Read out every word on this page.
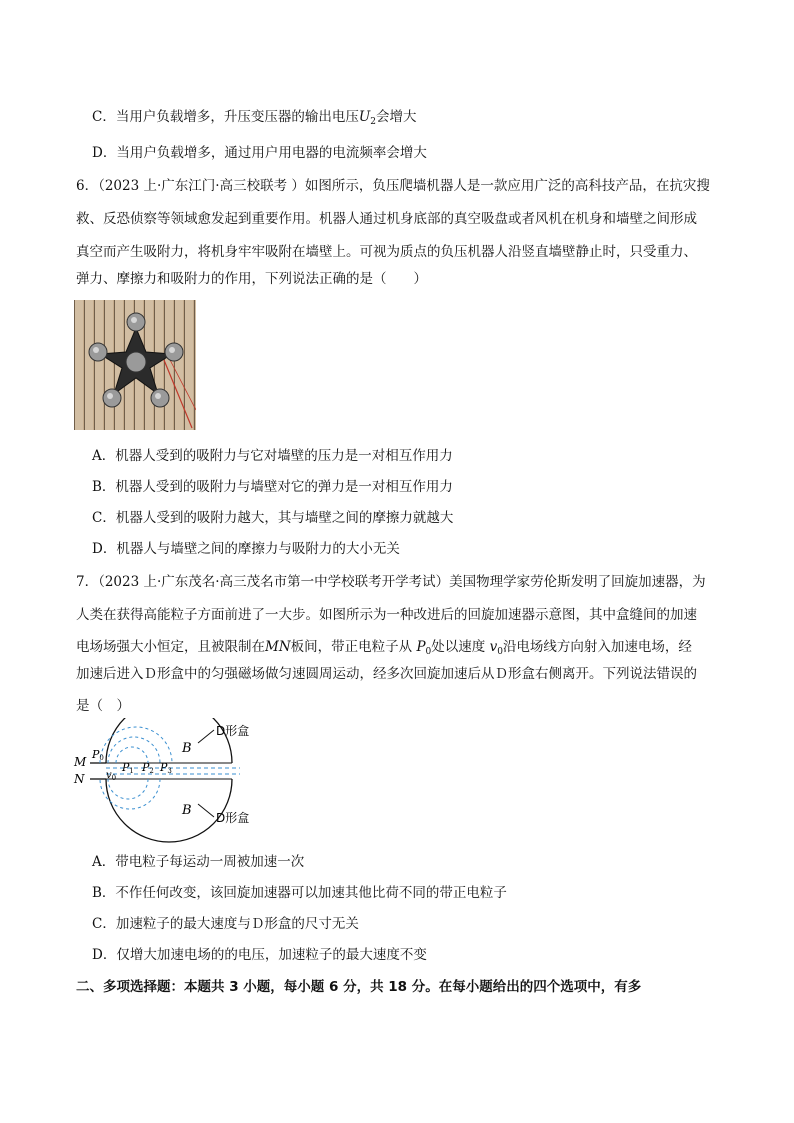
C．当用户负载增多，升压变压器的输出电压$U_2$会增大
D．当用户负载增多，通过用户用电器的电流频率会增大
6．（2023 上·广东江门·高三校联考 ）如图所示，负压爬墙机器人是一款应用广泛的高科技产品，在抗灾搜
救、反恐侦察等领域愈发起到重要作用。机器人通过机身底部的真空吸盘或者风机在机身和墙壁之间形成
真空而产生吸附力，将机身牢牢吸附在墙壁上。可视为质点的负压机器人沿竖直墙壁静止时，只受重力、
弹力、摩擦力和吸附力的作用，下列说法正确的是（　　）
A．机器人受到的吸附力与它对墙壁的压力是一对相互作用力
B．机器人受到的吸附力与墙壁对它的弹力是一对相互作用力
C．机器人受到的吸附力越大，其与墙壁之间的摩擦力就越大
D．机器人与墙壁之间的摩擦力与吸附力的大小无关
7．（2023 上·广东茂名·高三茂名市第一中学校联考开学考试）美国物理学家劳伦斯发明了回旋加速器，为
人类在获得高能粒子方面前进了一大步。如图所示为一种改进后的回旋加速器示意图，其中盒缝间的加速
电场场强大小恒定，且被限制在MN板间，带正电粒子从 $P_0$处以速度 $v_0$沿电场线方向射入加速电场，经
加速后进入Ｄ形盒中的匀强磁场做匀速圆周运动，经多次回旋加速后从Ｄ形盒右侧离开。下列说法错误的
是（　）
B
B
D形盒
D形盒
M
N
P0
P1 P2 P3
$v_0$
A．带电粒子每运动一周被加速一次
B．不作任何改变，该回旋加速器可以加速其他比荷不同的带正电粒子
C．加速粒子的最大速度与Ｄ形盒的尺寸无关
D．仅增大加速电场的的电压，加速粒子的最大速度不变
二、多项选择题：本题共 3 小题，每小题 6 分，共 18 分。在每小题给出的四个选项中，有多
